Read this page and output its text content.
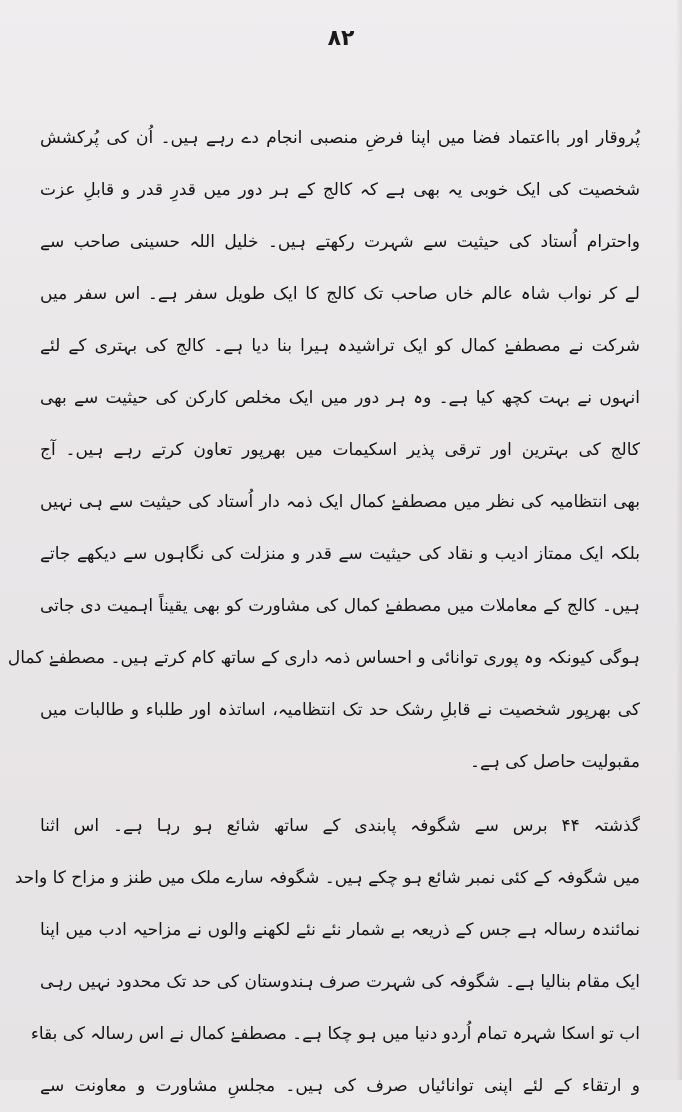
۸۲
پُروقار اور بااعتماد فضا میں اپنا فرضِ منصبی انجام دے رہے ہیں۔ اُن کی پُرکشش
شخصیت کی ایک خوبی یہ بھی ہے کہ کالج کے ہر دور میں قدرِ قدر و قابلِ عزت
واحترام اُستاد کی حیثیت سے شہرت رکھتے ہیں۔ خلیل اللہ حسینی صاحب سے
لے کر نواب شاہ عالم خاں صاحب تک کالج کا ایک طویل سفر ہے۔ اس سفر میں
شرکت نے مصطفےٰ کمال کو ایک تراشیدہ ہیرا بنا دیا ہے۔ کالج کی بہتری کے لئے
انہوں نے بہت کچھ کیا ہے۔ وہ ہر دور میں ایک مخلص کارکن کی حیثیت سے بھی
کالج کی بہترین اور ترقی پذیر اسکیمات میں بھرپور تعاون کرتے رہے ہیں۔ آج
بھی انتظامیہ کی نظر میں مصطفےٰ کمال ایک ذمہ دار اُستاد کی حیثیت سے ہی نہیں
بلکہ ایک ممتاز ادیب و نقاد کی حیثیت سے قدر و منزلت کی نگاہوں سے دیکھے جاتے
ہیں۔ کالج کے معاملات میں مصطفےٰ کمال کی مشاورت کو بھی یقیناً اہمیت دی جاتی
ہوگی کیونکہ وہ پوری توانائی و احساس ذمہ داری کے ساتھ کام کرتے ہیں۔ مصطفےٰ کمال
کی بھرپور شخصیت نے قابلِ رشک حد تک انتظامیہ، اساتذہ اور طلباء و طالبات میں
مقبولیت حاصل کی ہے۔
گذشتہ ۴۴ برس سے شگوفہ پابندی کے ساتھ شائع ہو رہا ہے۔ اس اثنا
میں شگوفہ کے کئی نمبر شائع ہو چکے ہیں۔ شگوفہ سارے ملک میں طنز و مزاح کا واحد
نمائندہ رسالہ ہے جس کے ذریعہ بے شمار نئے نئے لکھنے والوں نے مزاحیہ ادب میں اپنا
ایک مقام بنالیا ہے۔ شگوفہ کی شہرت صرف ہندوستان کی حد تک محدود نہیں رہی
اب تو اسکا شہرہ تمام اُردو دنیا میں ہو چکا ہے۔ مصطفےٰ کمال نے اس رسالہ کی بقاء
و ارتقاء کے لئے اپنی توانائیاں صرف کی ہیں۔ مجلسِ مشاورت و معاونت سے
